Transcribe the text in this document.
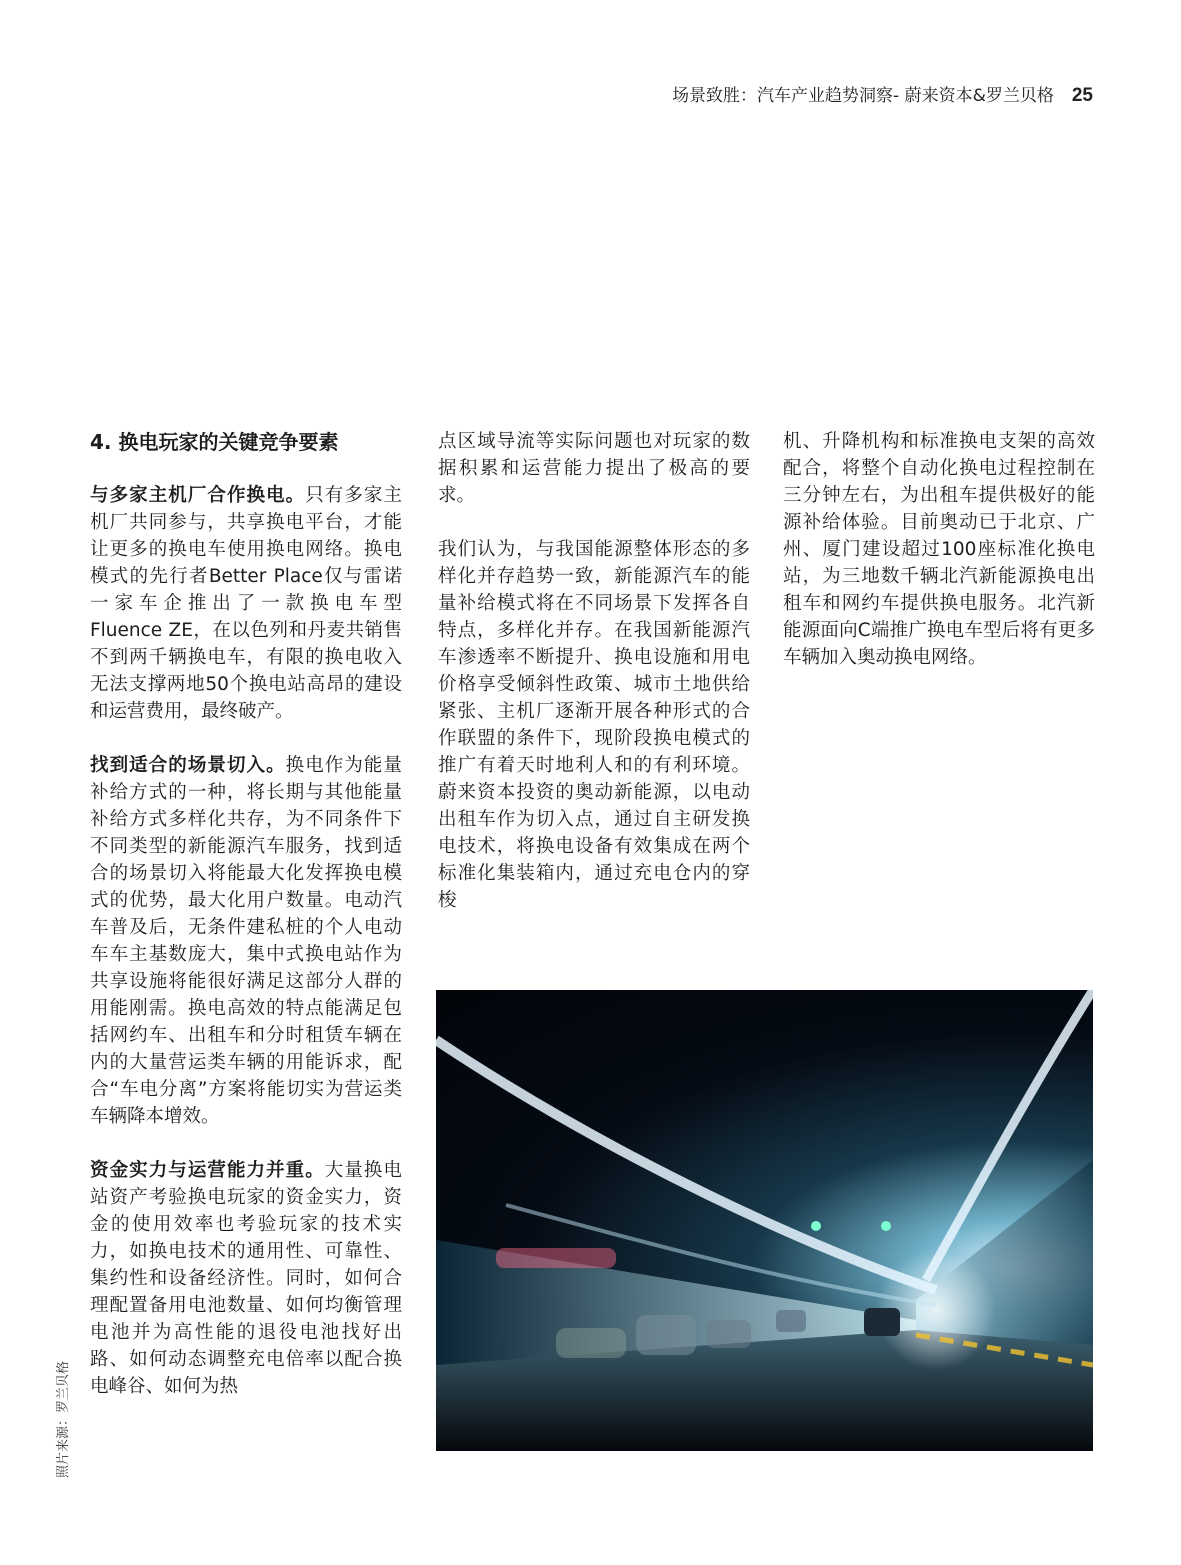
场景致胜：汽车产业趋势洞察- 蔚来资本&罗兰贝格 25
4. 换电玩家的关键竞争要素
与多家主机厂合作换电。只有多家主机厂共同参与，共享换电平台，才能让更多的换电车使用换电网络。换电模式的先行者Better Place仅与雷诺一家车企推出了一款换电车型Fluence ZE，在以色列和丹麦共销售不到两千辆换电车，有限的换电收入无法支撑两地50个换电站高昂的建设和运营费用，最终破产。
找到适合的场景切入。换电作为能量补给方式的一种，将长期与其他能量补给方式多样化共存，为不同条件下不同类型的新能源汽车服务，找到适合的场景切入将能最大化发挥换电模式的优势，最大化用户数量。电动汽车普及后，无条件建私桩的个人电动车车主基数庞大，集中式换电站作为共享设施将能很好满足这部分人群的用能刚需。换电高效的特点能满足包括网约车、出租车和分时租赁车辆在内的大量营运类车辆的用能诉求，配合“车电分离”方案将能切实为营运类车辆降本增效。
资金实力与运营能力并重。大量换电站资产考验换电玩家的资金实力，资金的使用效率也考验玩家的技术实力，如换电技术的通用性、可靠性、集约性和设备经济性。同时，如何合理配置备用电池数量、如何均衡管理电池并为高性能的退役电池找好出路、如何动态调整充电倍率以配合换电峰谷、如何为热
点区域导流等实际问题也对玩家的数据积累和运营能力提出了极高的要求。
我们认为，与我国能源整体形态的多样化并存趋势一致，新能源汽车的能量补给模式将在不同场景下发挥各自特点，多样化并存。在我国新能源汽车渗透率不断提升、换电设施和用电价格享受倾斜性政策、城市土地供给紧张、主机厂逐渐开展各种形式的合作联盟的条件下，现阶段换电模式的推广有着天时地利人和的有利环境。蔚来资本投资的奥动新能源，以电动出租车作为切入点，通过自主研发换电技术，将换电设备有效集成在两个标准化集装箱内，通过充电仓内的穿梭
机、升降机构和标准换电支架的高效配合，将整个自动化换电过程控制在三分钟左右，为出租车提供极好的能源补给体验。目前奥动已于北京、广州、厦门建设超过100座标准化换电站，为三地数千辆北汽新能源换电出租车和网约车提供换电服务。北汽新能源面向C端推广换电车型后将有更多车辆加入奥动换电网络。
照片来源：罗兰贝格
